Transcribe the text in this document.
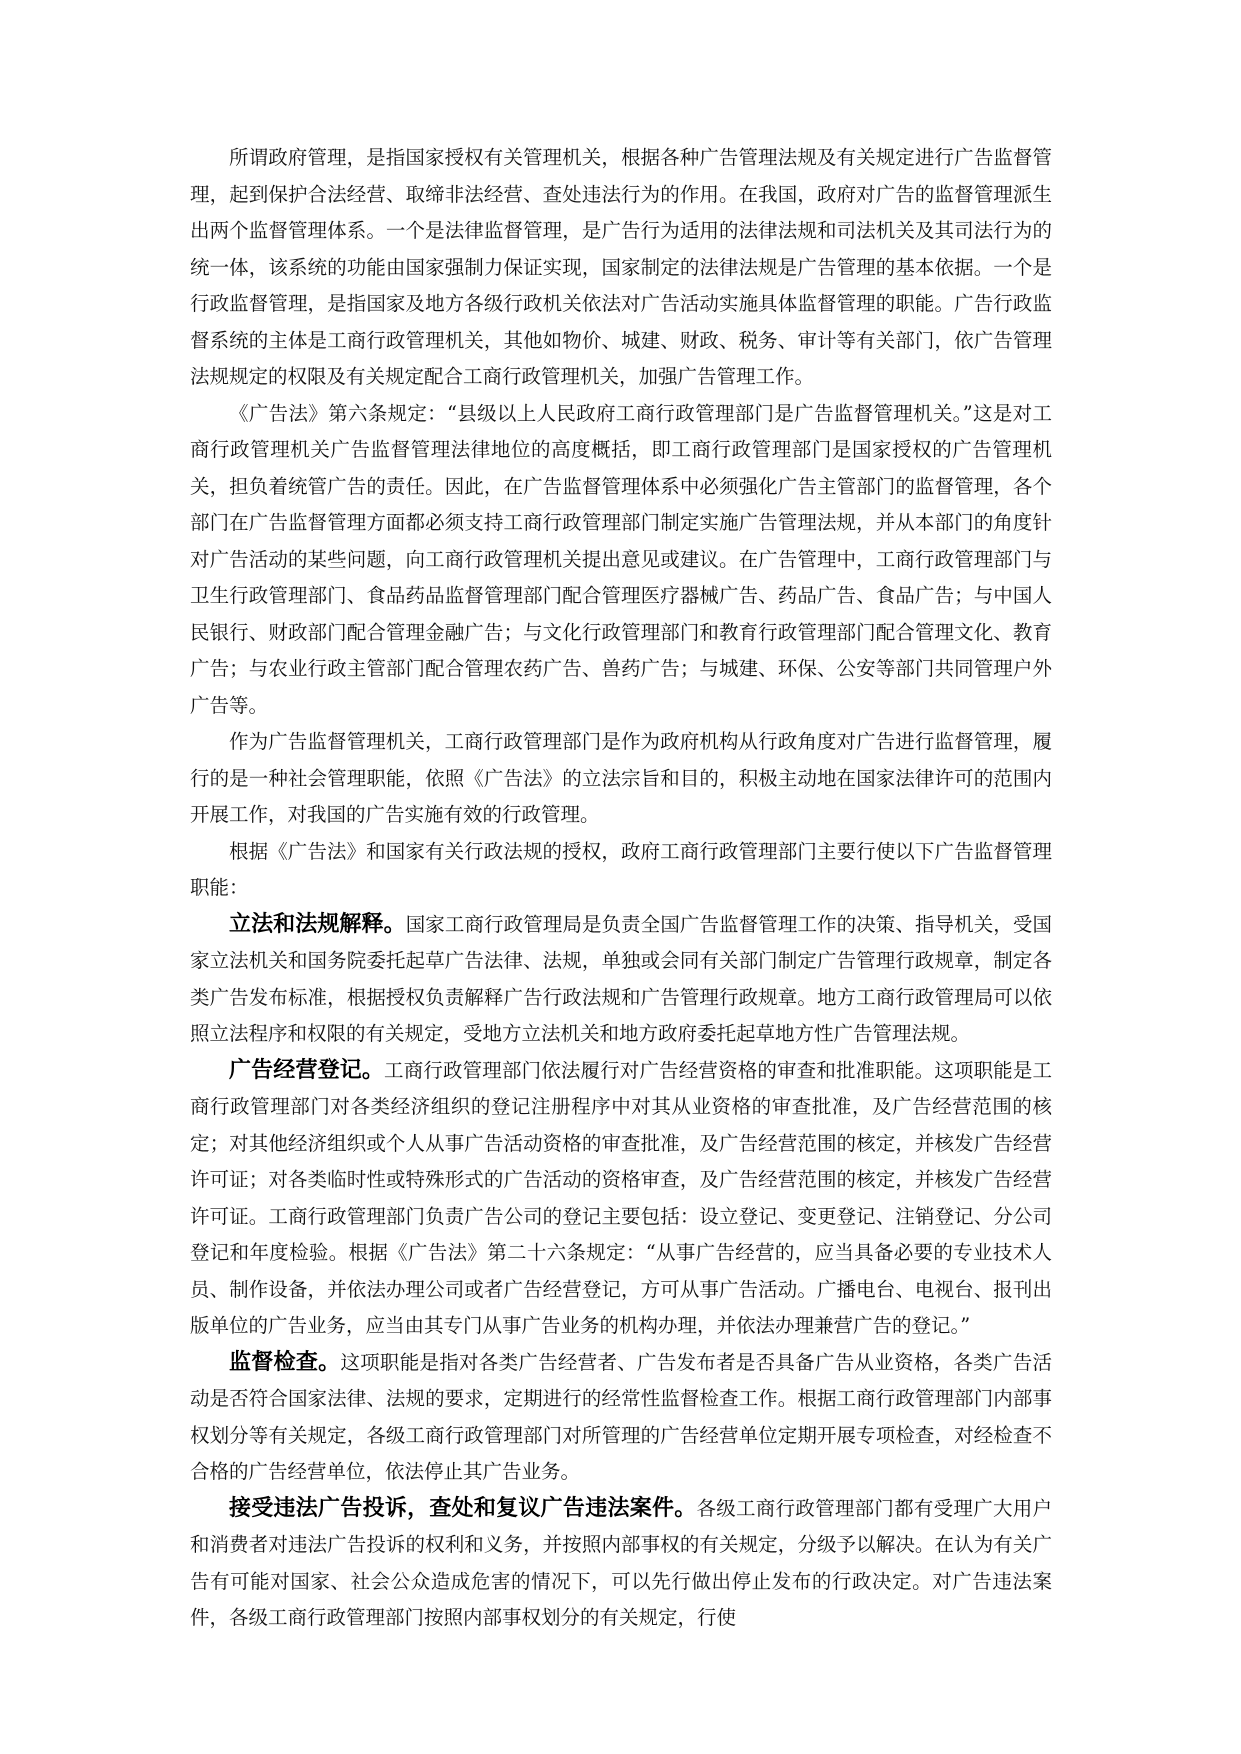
所谓政府管理，是指国家授权有关管理机关，根据各种广告管理法规及有关规定进行广告监督管理，起到保护合法经营、取缔非法经营、查处违法行为的作用。在我国，政府对广告的监督管理派生出两个监督管理体系。一个是法律监督管理，是广告行为适用的法律法规和司法机关及其司法行为的统一体，该系统的功能由国家强制力保证实现，国家制定的法律法规是广告管理的基本依据。一个是行政监督管理，是指国家及地方各级行政机关依法对广告活动实施具体监督管理的职能。广告行政监督系统的主体是工商行政管理机关，其他如物价、城建、财政、税务、审计等有关部门，依广告管理法规规定的权限及有关规定配合工商行政管理机关，加强广告管理工作。

《广告法》第六条规定：“县级以上人民政府工商行政管理部门是广告监督管理机关。”这是对工商行政管理机关广告监督管理法律地位的高度概括，即工商行政管理部门是国家授权的广告管理机关，担负着统管广告的责任。因此，在广告监督管理体系中必须强化广告主管部门的监督管理，各个部门在广告监督管理方面都必须支持工商行政管理部门制定实施广告管理法规，并从本部门的角度针对广告活动的某些问题，向工商行政管理机关提出意见或建议。在广告管理中，工商行政管理部门与卫生行政管理部门、食品药品监督管理部门配合管理医疗器械广告、药品广告、食品广告；与中国人民银行、财政部门配合管理金融广告；与文化行政管理部门和教育行政管理部门配合管理文化、教育广告；与农业行政主管部门配合管理农药广告、兽药广告；与城建、环保、公安等部门共同管理户外广告等。

作为广告监督管理机关，工商行政管理部门是作为政府机构从行政角度对广告进行监督管理，履行的是一种社会管理职能，依照《广告法》的立法宗旨和目的，积极主动地在国家法律许可的范围内开展工作，对我国的广告实施有效的行政管理。

根据《广告法》和国家有关行政法规的授权，政府工商行政管理部门主要行使以下广告监督管理职能：

立法和法规解释。国家工商行政管理局是负责全国广告监督管理工作的决策、指导机关，受国家立法机关和国务院委托起草广告法律、法规，单独或会同有关部门制定广告管理行政规章，制定各类广告发布标准，根据授权负责解释广告行政法规和广告管理行政规章。地方工商行政管理局可以依照立法程序和权限的有关规定，受地方立法机关和地方政府委托起草地方性广告管理法规。

广告经营登记。工商行政管理部门依法履行对广告经营资格的审查和批准职能。这项职能是工商行政管理部门对各类经济组织的登记注册程序中对其从业资格的审查批准，及广告经营范围的核定；对其他经济组织或个人从事广告活动资格的审查批准，及广告经营范围的核定，并核发广告经营许可证；对各类临时性或特殊形式的广告活动的资格审查，及广告经营范围的核定，并核发广告经营许可证。工商行政管理部门负责广告公司的登记主要包括：设立登记、变更登记、注销登记、分公司登记和年度检验。根据《广告法》第二十六条规定：“从事广告经营的，应当具备必要的专业技术人员、制作设备，并依法办理公司或者广告经营登记，方可从事广告活动。广播电台、电视台、报刊出版单位的广告业务，应当由其专门从事广告业务的机构办理，并依法办理兼营广告的登记。”

监督检查。这项职能是指对各类广告经营者、广告发布者是否具备广告从业资格，各类广告活动是否符合国家法律、法规的要求，定期进行的经常性监督检查工作。根据工商行政管理部门内部事权划分等有关规定，各级工商行政管理部门对所管理的广告经营单位定期开展专项检查，对经检查不合格的广告经营单位，依法停止其广告业务。

接受违法广告投诉，查处和复议广告违法案件。各级工商行政管理部门都有受理广大用户和消费者对违法广告投诉的权利和义务，并按照内部事权的有关规定，分级予以解决。在认为有关广告有可能对国家、社会公众造成危害的情况下，可以先行做出停止发布的行政决定。对广告违法案件，各级工商行政管理部门按照内部事权划分的有关规定，行使
